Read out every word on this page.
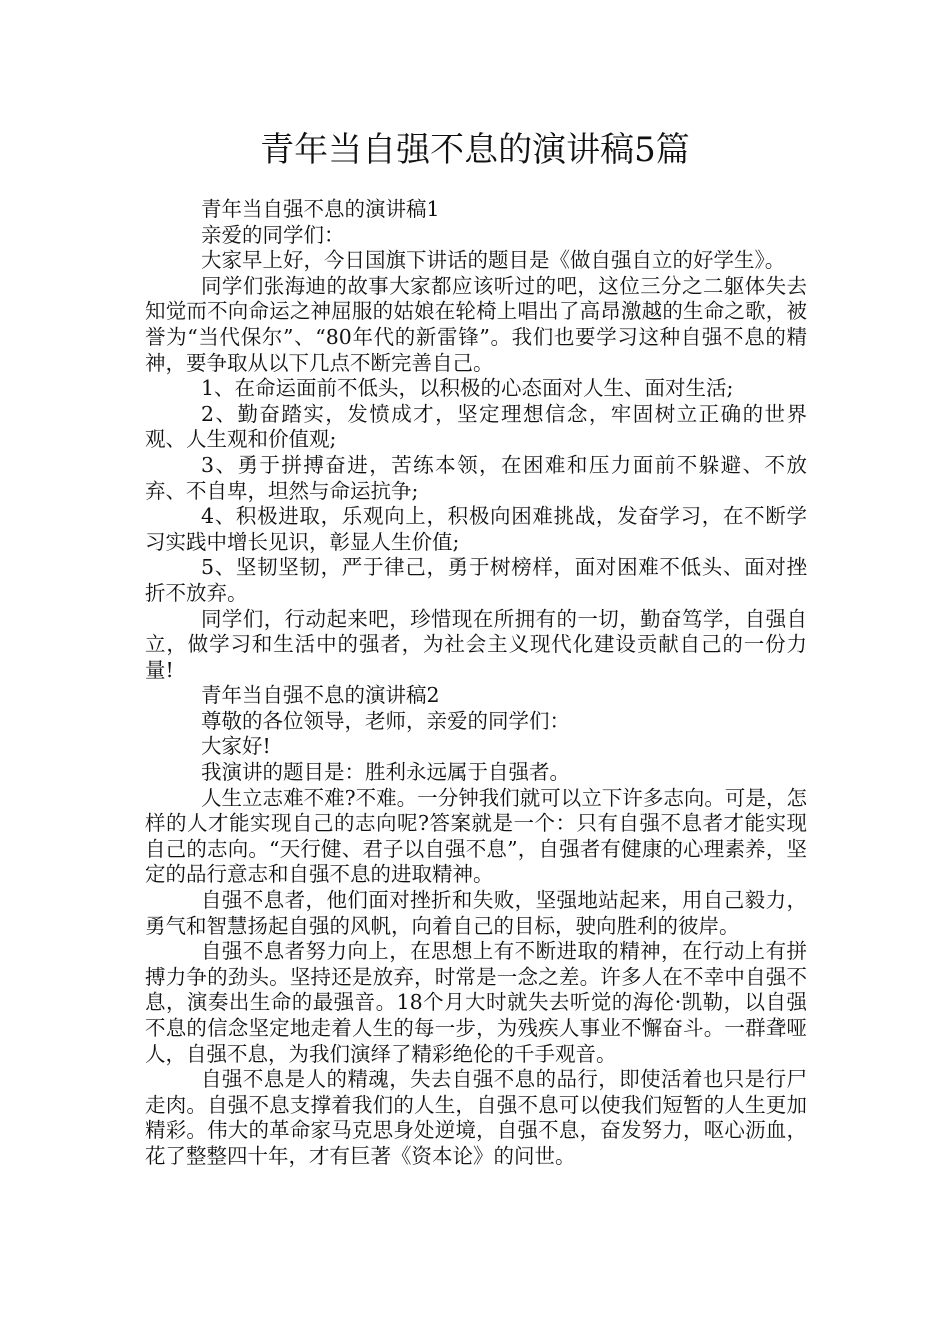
青年当自强不息的演讲稿5篇

青年当自强不息的演讲稿1

亲爱的同学们：

大家早上好，今日国旗下讲话的题目是《做自强自立的好学生》。

同学们张海迪的故事大家都应该听过的吧，这位三分之二躯体失去知觉而不向命运之神屈服的姑娘在轮椅上唱出了高昂激越的生命之歌，被誉为“当代保尔”、“80年代的新雷锋”。我们也要学习这种自强不息的精神，要争取从以下几点不断完善自己。

1、在命运面前不低头，以积极的心态面对人生、面对生活;

2、勤奋踏实，发愤成才，坚定理想信念，牢固树立正确的世界观、人生观和价值观;

3、勇于拼搏奋进，苦练本领，在困难和压力面前不躲避、不放弃、不自卑，坦然与命运抗争;

4、积极进取，乐观向上，积极向困难挑战，发奋学习，在不断学习实践中增长见识，彰显人生价值;

5、坚韧坚韧，严于律己，勇于树榜样，面对困难不低头、面对挫折不放弃。

同学们，行动起来吧，珍惜现在所拥有的一切，勤奋笃学，自强自立，做学习和生活中的强者，为社会主义现代化建设贡献自己的一份力量!

青年当自强不息的演讲稿2

尊敬的各位领导，老师，亲爱的同学们：

大家好!

我演讲的题目是：胜利永远属于自强者。

人生立志难不难?不难。一分钟我们就可以立下许多志向。可是，怎样的人才能实现自己的志向呢?答案就是一个：只有自强不息者才能实现自己的志向。“天行健、君子以自强不息”，自强者有健康的心理素养，坚定的品行意志和自强不息的进取精神。

自强不息者，他们面对挫折和失败，坚强地站起来，用自己毅力，勇气和智慧扬起自强的风帆，向着自己的目标，驶向胜利的彼岸。

自强不息者努力向上，在思想上有不断进取的精神，在行动上有拼搏力争的劲头。坚持还是放弃，时常是一念之差。许多人在不幸中自强不息，演奏出生命的最强音。18个月大时就失去听觉的海伦·凯勒，以自强不息的信念坚定地走着人生的每一步，为残疾人事业不懈奋斗。一群聋哑人，自强不息，为我们演绎了精彩绝伦的千手观音。

自强不息是人的精魂，失去自强不息的品行，即使活着也只是行尸走肉。自强不息支撑着我们的人生，自强不息可以使我们短暂的人生更加精彩。伟大的革命家马克思身处逆境，自强不息，奋发努力，呕心沥血，花了整整四十年，才有巨著《资本论》的问世。
